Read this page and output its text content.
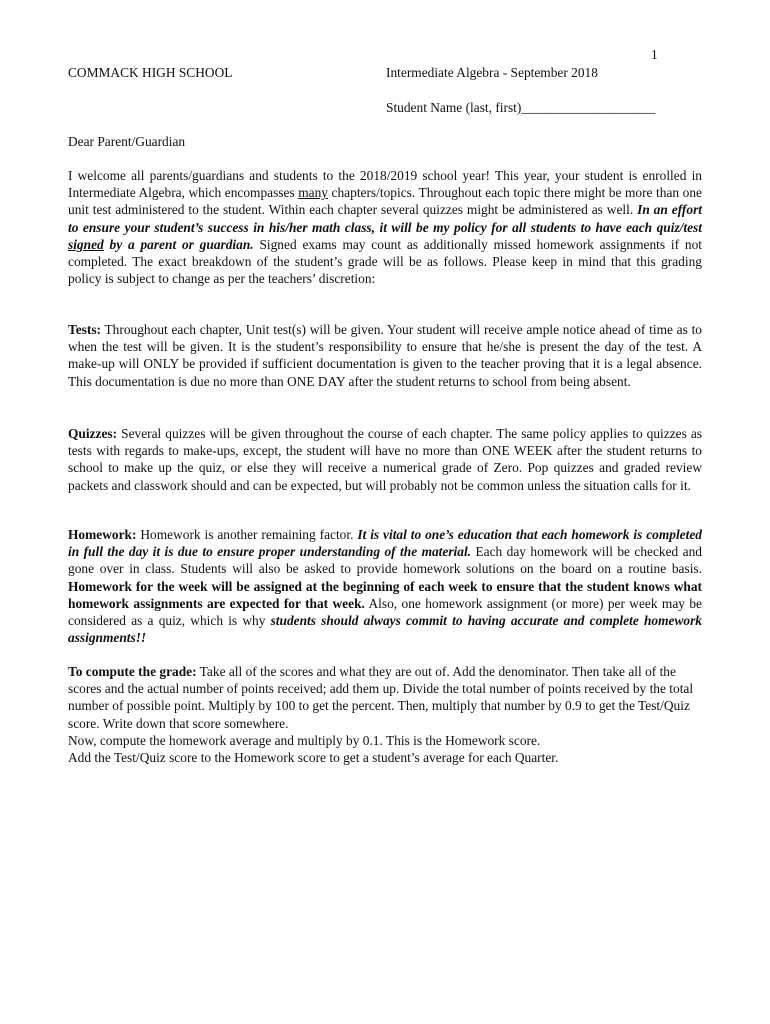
1
COMMACK HIGH SCHOOL	Intermediate Algebra - September 2018
Student Name (last, first)____________________
Dear Parent/Guardian

I welcome all parents/guardians and students to the 2018/2019 school year! This year, your student is enrolled in Intermediate Algebra, which encompasses many chapters/topics. Throughout each topic there might be more than one unit test administered to the student. Within each chapter several quizzes might be administered as well. In an effort to ensure your student’s success in his/her math class, it will be my policy for all students to have each quiz/test signed by a parent or guardian. Signed exams may count as additionally missed homework assignments if not completed. The exact breakdown of the student’s grade will be as follows. Please keep in mind that this grading policy is subject to change as per the teachers’ discretion:

Tests: Throughout each chapter, Unit test(s) will be given. Your student will receive ample notice ahead of time as to when the test will be given. It is the student’s responsibility to ensure that he/she is present the day of the test. A make-up will ONLY be provided if sufficient documentation is given to the teacher proving that it is a legal absence. This documentation is due no more than ONE DAY after the student returns to school from being absent.

Quizzes: Several quizzes will be given throughout the course of each chapter. The same policy applies to quizzes as tests with regards to make-ups, except, the student will have no more than ONE WEEK after the student returns to school to make up the quiz, or else they will receive a numerical grade of Zero. Pop quizzes and graded review packets and classwork should and can be expected, but will probably not be common unless the situation calls for it.

Homework: Homework is another remaining factor. It is vital to one’s education that each homework is completed in full the day it is due to ensure proper understanding of the material. Each day homework will be checked and gone over in class. Students will also be asked to provide homework solutions on the board on a routine basis. Homework for the week will be assigned at the beginning of each week to ensure that the student knows what homework assignments are expected for that week. Also, one homework assignment (or more) per week may be considered as a quiz, which is why students should always commit to having accurate and complete homework assignments!!

To compute the grade: Take all of the scores and what they are out of. Add the denominator. Then take all of the scores and the actual number of points received; add them up. Divide the total number of points received by the total number of possible point. Multiply by 100 to get the percent. Then, multiply that number by 0.9 to get the Test/Quiz score. Write down that score somewhere.
Now, compute the homework average and multiply by 0.1. This is the Homework score.
Add the Test/Quiz score to the Homework score to get a student’s average for each Quarter.
